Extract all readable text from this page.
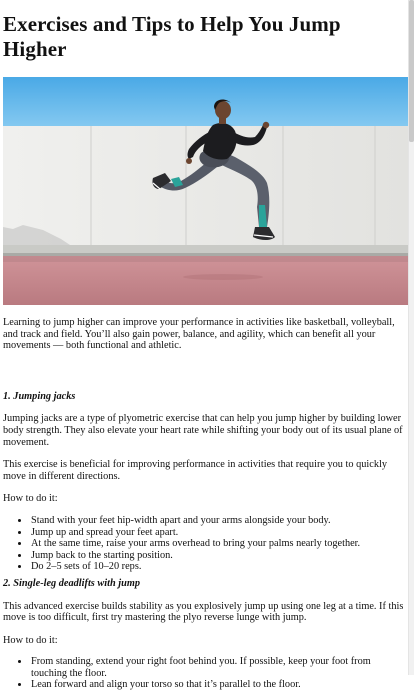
Exercises and Tips to Help You Jump Higher

Learning to jump higher can improve your performance in activities like basketball, volleyball, and track and field. You’ll also gain power, balance, and agility, which can benefit all your movements — both functional and athletic.

1. Jumping jacks

Jumping jacks are a type of plyometric exercise that can help you jump higher by building lower body strength. They also elevate your heart rate while shifting your body out of its usual plane of movement.

This exercise is beneficial for improving performance in activities that require you to quickly move in different directions.

How to do it:

• Stand with your feet hip-width apart and your arms alongside your body.
• Jump up and spread your feet apart.
• At the same time, raise your arms overhead to bring your palms nearly together.
• Jump back to the starting position.
• Do 2–5 sets of 10–20 reps.
2. Single-leg deadlifts with jump

This advanced exercise builds stability as you explosively jump up using one leg at a time. If this move is too difficult, first try mastering the plyo reverse lunge with jump.

How to do it:

• From standing, extend your right foot behind you. If possible, keep your foot from touching the floor.
• Lean forward and align your torso so that it’s parallel to the floor.
